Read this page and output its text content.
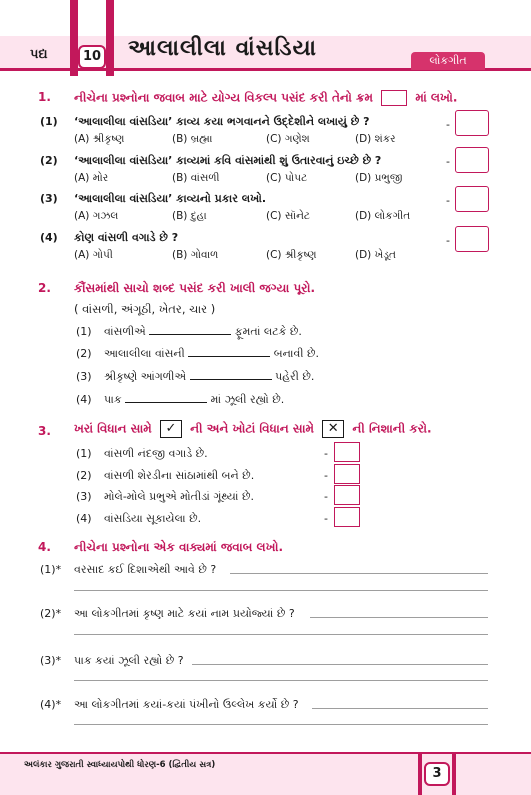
પદ્ય	10 આલાલીલા વાંસડિયા	લોકગીત
1. નીચેના પ્રશ્નોના જવાબ માટે યોગ્ય વિકલ્પ પસંદ કરી તેનો ક્રમ	માં લખો.
(1) ‘આલાલીલા વાંસડિયા’ કાવ્ય કયા ભગવાનને ઉદ્દેશીને લખાયું છે ?
(A) શ્રીકૃષ્ણ	(B) બ્રહ્મા	(C) ગણેશ	(D) શંકર
-
(2) ‘આલાલીલા વાંસડિયા’ કાવ્યમાં કવિ વાંસમાંથી શું ઉતારવાનું ઇચ્છે છે ?
(A) મોર	(B) વાંસળી	(C) પોપટ	(D) પ્રભુજી
-
(3) ‘આલાલીલા વાંસડિયા’ કાવ્યનો પ્રકાર લખો.
(A) ગઝલ	(B) દુહા	(C) સૉનેટ	(D) લોકગીત
-
(4) કોણ વાંસળી વગાડે છે ?
(A) ગોપી	(B) ગોવાળ	(C) શ્રીકૃષ્ણ	(D) ખેડૂત
-
2. કૌંસમાંથી સાચો શબ્દ પસંદ કરી ખાલી જગ્યા પૂરો.
( વાંસળી, અંગૂઠી, ખેતર, ચાર )
(1) વાંસળીએ	ફૂમતાં લટકે છે.
(2) આલાલીલા વાંસની	બનાવી છે.
(3) શ્રીકૃષ્ણે આંગળીએ	પહેરી છે.
(4) પાક	માં ઝૂલી રહ્યો છે.
3. ખરાં વિધાન સામે ✓ ની અને ખોટાં વિધાન સામે ✕ ની નિશાની કરો.
(1) વાંસળી નંદજી વગાડે છે.	-
(2) વાંસળી શેરડીના સાંઠામાંથી બને છે.	-
(3) મોલે-મોલે પ્રભુએ મોતીડાં ગૂંથ્યાં છે.	-
(4) વાંસડિયા સૂકાયેલા છે.	-
4. નીચેના પ્રશ્નોના એક વાક્યમાં જવાબ લખો.
(1)* વરસાદ કઈ દિશાએથી આવે છે ?
(2)* આ લોકગીતમાં કૃષ્ણ માટે કયાં નામ પ્રયોજ્યાં છે ?
(3)* પાક કયાં ઝૂલી રહ્યો છે ?
(4)* આ લોકગીતમાં કયાં-કયાં પંખીનો ઉલ્લેખ કર્યો છે ?
અલંકાર ગુજરાતી સ્વાધ્યાયપોથી ધોરણ-6 (દ્વિતીય સત્ર)
3
